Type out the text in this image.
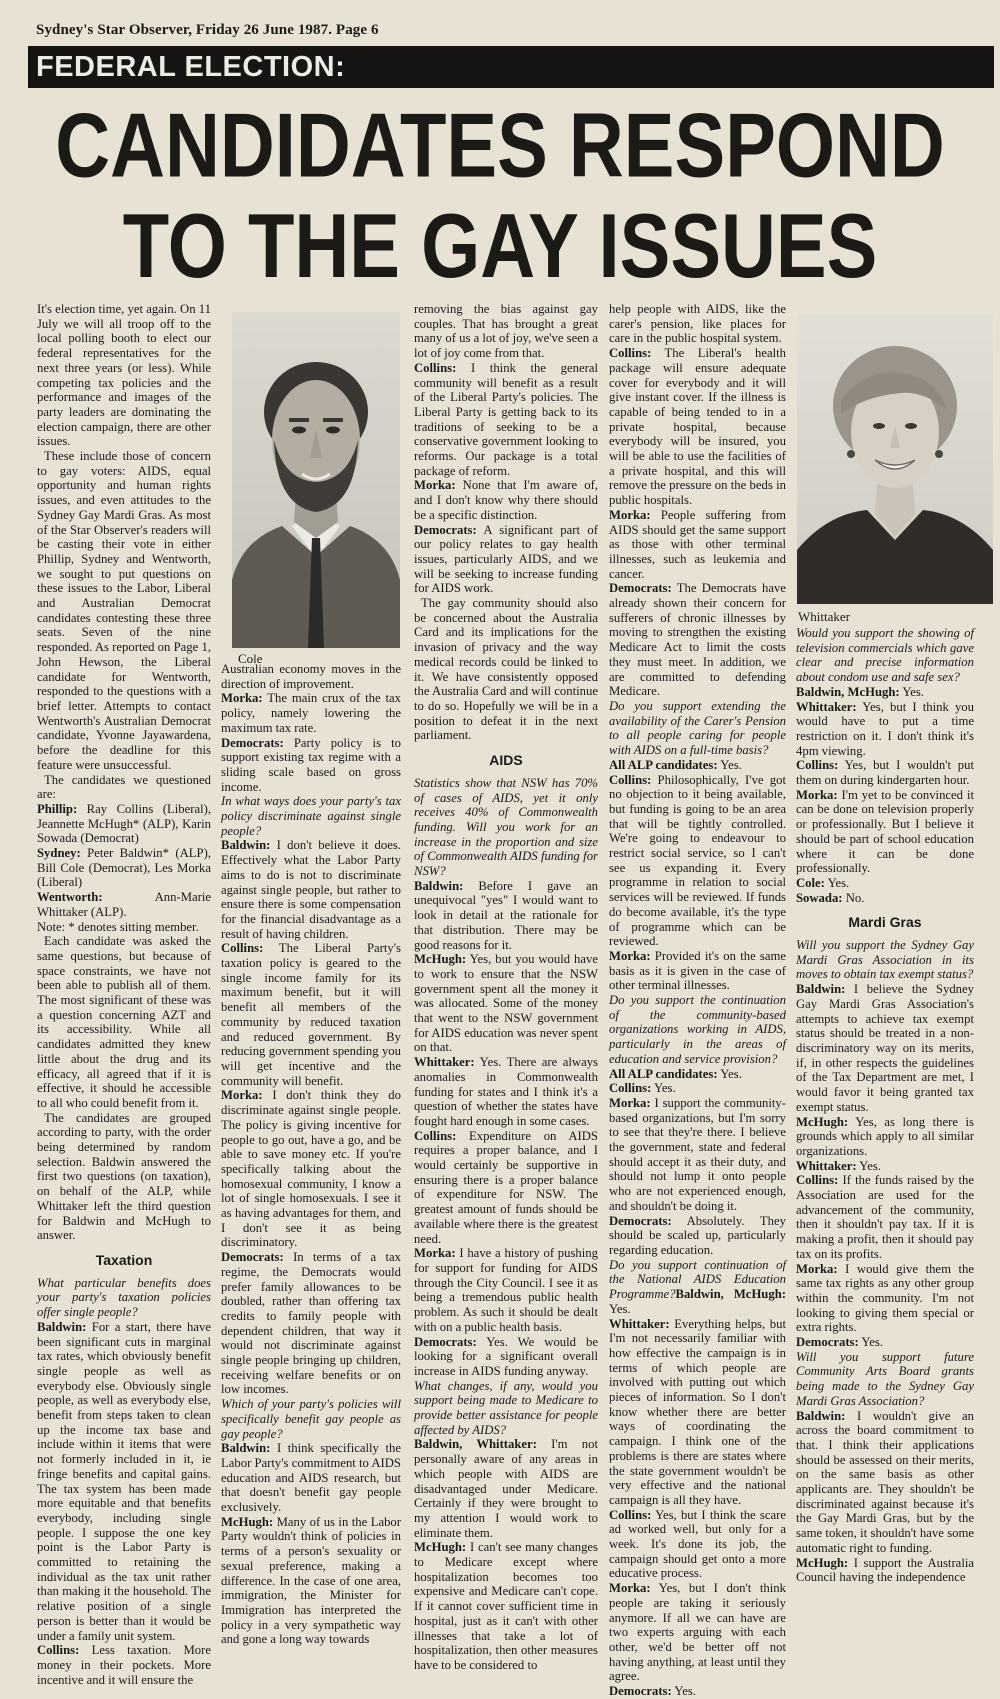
Sydney's Star Observer, Friday 26 June 1987. Page 6
FEDERAL ELECTION:
CANDIDATES RESPOND
TO THE GAY ISSUES
Cole
Whittaker

It's election time, yet again. On 11 July we will all troop off to the local polling booth to elect our federal representatives for the next three years (or less). While competing tax policies and the performance and images of the party leaders are dominating the election campaign, there are other issues.

These include those of concern to gay voters: AIDS, equal opportunity and human rights issues, and even attitudes to the Sydney Gay Mardi Gras. As most of the Star Observer's readers will be casting their vote in either Phillip, Sydney and Wentworth, we sought to put questions on these issues to the Labor, Liberal and Australian Democrat candidates contesting these three seats. Seven of the nine responded. As reported on Page 1, John Hewson, the Liberal candidate for Wentworth, responded to the questions with a brief letter. Attempts to contact Wentworth's Australian Democrat candidate, Yvonne Jayawardena, before the deadline for this feature were unsuccessful.

The candidates we questioned are:

Phillip: Ray Collins (Liberal), Jeannette McHugh* (ALP), Karin Sowada (Democrat)

Sydney: Peter Baldwin* (ALP), Bill Cole (Democrat), Les Morka (Liberal)

Wentworth: Ann-Marie Whittaker (ALP).

Note: * denotes sitting member.

Each candidate was asked the same questions, but because of space constraints, we have not been able to publish all of them. The most significant of these was a question concerning AZT and its accessibility. While all candidates admitted they knew little about the drug and its efficacy, all agreed that if it is effective, it should he accessible to all who could benefit from it.

The candidates are grouped according to party, with the order being determined by random selection. Baldwin answered the first two questions (on taxation), on behalf of the ALP, while Whittaker left the third question for Baldwin and McHugh to answer.

Taxation

What particular benefits does your party's taxation policies offer single people?

Baldwin: For a start, there have been significant cuts in marginal tax rates, which obviously benefit single people as well as everybody else. Obviously single people, as well as everybody else, benefit from steps taken to clean up the income tax base and include within it items that were not formerly included in it, ie fringe benefits and capital gains. The tax system has been made more equitable and that benefits everybody, including single people. I suppose the one key point is the Labor Party is committed to retaining the individual as the tax unit rather than making it the household. The relative position of a single person is better than it would be under a family unit system.

Collins: Less taxation. More money in their pockets. More incentive and it will ensure the

Australian economy moves in the direction of improvement.

Morka: The main crux of the tax policy, namely lowering the maximum tax rate.

Democrats: Party policy is to support existing tax regime with a sliding scale based on gross income.

In what ways does your party's tax policy discriminate against single people?

Baldwin: I don't believe it does. Effectively what the Labor Party aims to do is not to discriminate against single people, but rather to ensure there is some compensation for the financial disadvantage as a result of having children.

Collins: The Liberal Party's taxation policy is geared to the single income family for its maximum benefit, but it will benefit all members of the community by reduced taxation and reduced government. By reducing government spending you will get incentive and the community will benefit.

Morka: I don't think they do discriminate against single people. The policy is giving incentive for people to go out, have a go, and be able to save money etc. If you're specifically talking about the homosexual community, I know a lot of single homosexuals. I see it as having advantages for them, and I don't see it as being discriminatory.

Democrats: In terms of a tax regime, the Democrats would prefer family allowances to be doubled, rather than offering tax credits to family people with dependent children, that way it would not discriminate against single people bringing up children, receiving welfare benefits or on low incomes.

Which of your party's policies will specifically benefit gay people as gay people?

Baldwin: I think specifically the Labor Party's commitment to AIDS education and AIDS research, but that doesn't benefit gay people exclusively.

McHugh: Many of us in the Labor Party wouldn't think of policies in terms of a person's sexuality or sexual preference, making a difference. In the case of one area, immigration, the Minister for Immigration has interpreted the policy in a very sympathetic way and gone a long way towards

removing the bias against gay couples. That has brought a great many of us a lot of joy, we've seen a lot of joy come from that.

Collins: I think the general community will benefit as a result of the Liberal Party's policies. The Liberal Party is getting back to its traditions of seeking to be a conservative government looking to reforms. Our package is a total package of reform.

Morka: None that I'm aware of, and I don't know why there should be a specific distinction.

Democrats: A significant part of our policy relates to gay health issues, particularly AIDS, and we will be seeking to increase funding for AIDS work.

The gay community should also be concerned about the Australia Card and its implications for the invasion of privacy and the way medical records could be linked to it. We have consistently opposed the Australia Card and will continue to do so. Hopefully we will be in a position to defeat it in the next parliament.

AIDS

Statistics show that NSW has 70% of cases of AIDS, yet it only receives 40% of Commonwealth funding. Will you work for an increase in the proportion and size of Commonwealth AIDS funding for NSW?

Baldwin: Before I gave an unequivocal "yes" I would want to look in detail at the rationale for that distribution. There may be good reasons for it.

McHugh: Yes, but you would have to work to ensure that the NSW government spent all the money it was allocated. Some of the money that went to the NSW government for AIDS education was never spent on that.

Whittaker: Yes. There are always anomalies in Commonwealth funding for states and I think it's a question of whether the states have fought hard enough in some cases.

Collins: Expenditure on AIDS requires a proper balance, and I would certainly be supportive in ensuring there is a proper balance of expenditure for NSW. The greatest amount of funds should be available where there is the greatest need.

Morka: I have a history of pushing for support for funding for AIDS through the City Council. I see it as being a tremendous public health problem. As such it should be dealt with on a public health basis.

Democrats: Yes. We would be looking for a significant overall increase in AIDS funding anyway.

What changes, if any, would you support being made to Medicare to provide better assistance for people affected by AIDS?

Baldwin, Whittaker: I'm not personally aware of any areas in which people with AIDS are disadvantaged under Medicare. Certainly if they were brought to my attention I would work to eliminate them.

McHugh: I can't see many changes to Medicare except where hospitalization becomes too expensive and Medicare can't cope. If it cannot cover sufficient time in hospital, just as it can't with other illnesses that take a lot of hospitalization, then other measures have to be considered to

help people with AIDS, like the carer's pension, like places for care in the public hospital system.

Collins: The Liberal's health package will ensure adequate cover for everybody and it will give instant cover. If the illness is capable of being tended to in a private hospital, because everybody will be insured, you will be able to use the facilities of a private hospital, and this will remove the pressure on the beds in public hospitals.

Morka: People suffering from AIDS should get the same support as those with other terminal illnesses, such as leukemia and cancer.

Democrats: The Democrats have already shown their concern for sufferers of chronic illnesses by moving to strengthen the existing Medicare Act to limit the costs they must meet. In addition, we are committed to defending Medicare.

Do you support extending the availability of the Carer's Pension to all people caring for people with AIDS on a full-time basis?

All ALP candidates: Yes.

Collins: Philosophically, I've got no objection to it being available, but funding is going to be an area that will be tightly controlled. We're going to endeavour to restrict social service, so I can't see us expanding it. Every programme in relation to social services will be reviewed. If funds do become available, it's the type of programme which can be reviewed.

Morka: Provided it's on the same basis as it is given in the case of other terminal illnesses.

Do you support the continuation of the community-based organizations working in AIDS, particularly in the areas of education and service provision?

All ALP candidates: Yes.

Collins: Yes.

Morka: I support the community-based organizations, but I'm sorry to see that they're there. I believe the government, state and federal should accept it as their duty, and should not lump it onto people who are not experienced enough, and shouldn't be doing it.

Democrats: Absolutely. They should be scaled up, particularly regarding education.

Do you support continuation of the National AIDS Education Programme?Baldwin, McHugh: Yes.

Whittaker: Everything helps, but I'm not necessarily familiar with how effective the campaign is in terms of which people are involved with putting out which pieces of information. So I don't know whether there are better ways of coordinating the campaign. I think one of the problems is there are states where the state government wouldn't be very effective and the national campaign is all they have.

Collins: Yes, but I think the scare ad worked well, but only for a week. It's done its job, the campaign should get onto a more educative process.

Morka: Yes, but I don't think people are taking it seriously anymore. If all we can have are two experts arguing with each other, we'd be better off not having anything, at least until they agree.

Democrats: Yes.

Would you support the showing of television commercials which gave clear and precise information about condom use and safe sex?

Baldwin, McHugh: Yes.

Whittaker: Yes, but I think you would have to put a time restriction on it. I don't think it's 4pm viewing.

Collins: Yes, but I wouldn't put them on during kindergarten hour.

Morka: I'm yet to be convinced it can be done on television properly or professionally. But I believe it should be part of school education where it can be done professionally.

Cole: Yes.

Sowada: No.

Mardi Gras

Will you support the Sydney Gay Mardi Gras Association in its moves to obtain tax exempt status?

Baldwin: I believe the Sydney Gay Mardi Gras Association's attempts to achieve tax exempt status should be treated in a non-discriminatory way on its merits, if, in other respects the guidelines of the Tax Department are met, I would favor it being granted tax exempt status.

McHugh: Yes, as long there is grounds which apply to all similar organizations.

Whittaker: Yes.

Collins: If the funds raised by the Association are used for the advancement of the community, then it shouldn't pay tax. If it is making a profit, then it should pay tax on its profits.

Morka: I would give them the same tax rights as any other group within the community. I'm not looking to giving them special or extra rights.

Democrats: Yes.

Will you support future Community Arts Board grants being made to the Sydney Gay Mardi Gras Association?

Baldwin: I wouldn't give an across the board commitment to that. I think their applications should be assessed on their merits, on the same basis as other applicants are. They shouldn't be discriminated against because it's the Gay Mardi Gras, but by the same token, it shouldn't have some automatic right to funding.

McHugh: I support the Australia Council having the independence
